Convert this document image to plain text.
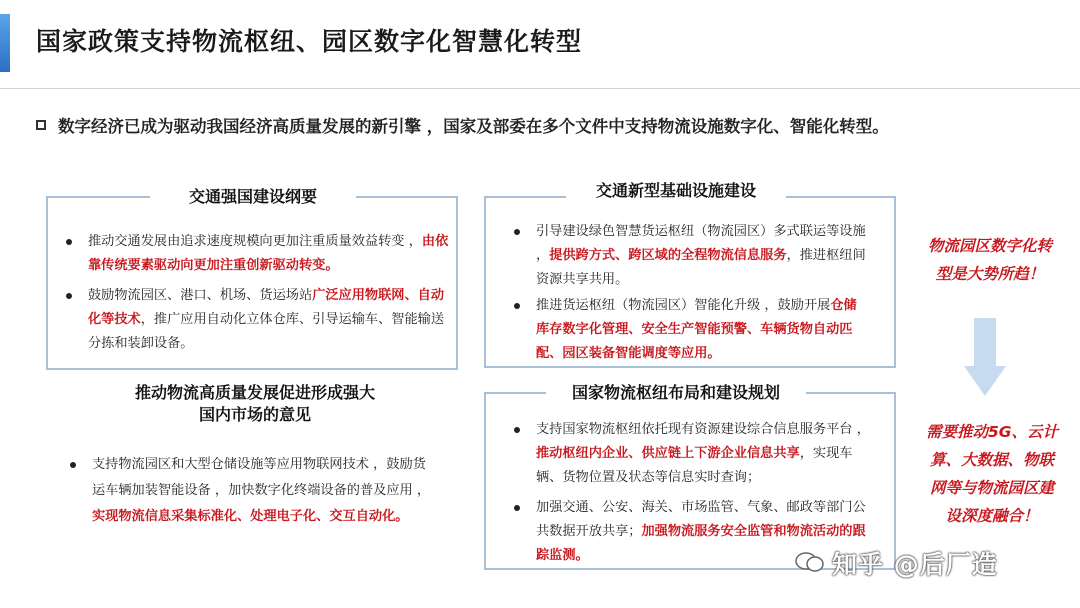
国家政策支持物流枢纽、园区数字化智慧化转型
数字经济已成为驱动我国经济高质量发展的新引擎 ，国家及部委在多个文件中支持物流设施数字化、智能化转型。
交通强国建设纲要
推动交通发展由追求速度规模向更加注重质量效益转变 ，由依靠传统要素驱动向更加注重创新驱动转变。
鼓励物流园区、港口、机场、货运场站广泛应用物联网、自动化等技术，推广应用自动化立体仓库、引导运输车、智能输送分拣和装卸设备。
推动物流高质量发展促进形成强大
国内市场的意见
支持物流园区和大型仓储设施等应用物联网技术 ，鼓励货运车辆加装智能设备 ，加快数字化终端设备的普及应用 ，实现物流信息采集标准化、处理电子化、交互自动化。
交通新型基础设施建设
引导建设绿色智慧货运枢纽（物流园区）多式联运等设施 ，提供跨方式、跨区域的全程物流信息服务，推进枢纽间资源共享共用。
推进货运枢纽（物流园区）智能化升级 ，鼓励开展仓储库存数字化管理、安全生产智能预警、车辆货物自动匹配、园区装备智能调度等应用。
国家物流枢纽布局和建设规划
支持国家物流枢纽依托现有资源建设综合信息服务平台 ，推动枢纽内企业、供应链上下游企业信息共享，实现车辆、货物位置及状态等信息实时查询；
加强交通、公安、海关、市场监管、气象、邮政等部门公共数据开放共享；加强物流服务安全监管和物流活动的跟踪监测。
物流园区数字化转
型是大势所趋！
需要推动5G、云计
算、大数据、物联
网等与物流园区建
设深度融合！
知乎 @后厂造
